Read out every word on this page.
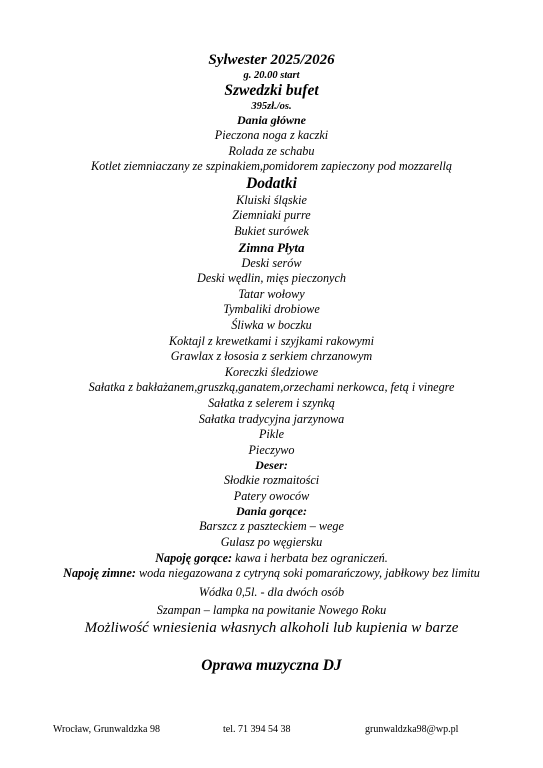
Sylwester 2025/2026
g. 20.00 start
Szwedzki bufet
395zł./os.
Dania główne
Pieczona noga z kaczki
Rolada ze schabu
Kotlet ziemniaczany ze szpinakiem,pomidorem zapieczony pod mozzarellą
Dodatki
Kluiski śląskie
Ziemniaki purre
Bukiet surówek
Zimna Płyta
Deski serów
Deski wędlin, mięs pieczonych
Tatar wołowy
Tymbaliki drobiowe
Śliwka w boczku
Koktajl z krewetkami i szyjkami rakowymi
Grawlax z łososia z serkiem chrzanowym
Koreczki śledziowe
Sałatka z bakłażanem,gruszką,ganatem,orzechami nerkowca, fetą i vinegre
Sałatka z selerem i szynką
Sałatka tradycyjna jarzynowa
Pikle
Pieczywo
Deser:
Słodkie rozmaitości
Patery owoców
Dania gorące:
Barszcz z paszteckiem – wege
Gulasz po węgiersku
Napoję gorące: kawa i herbata bez ograniczeń.
Napoję zimne: woda niegazowana z cytryną soki pomarańczowy, jabłkowy bez limitu
Wódka 0,5l. - dla dwóch osób
Szampan – lampka na powitanie Nowego Roku
Możliwość wniesienia własnych alkoholi lub kupienia w barze
Oprawa muzyczna DJ
Wrocław, Grunwaldzka 98	tel. 71 394 54 38	grunwaldzka98@wp.pl
